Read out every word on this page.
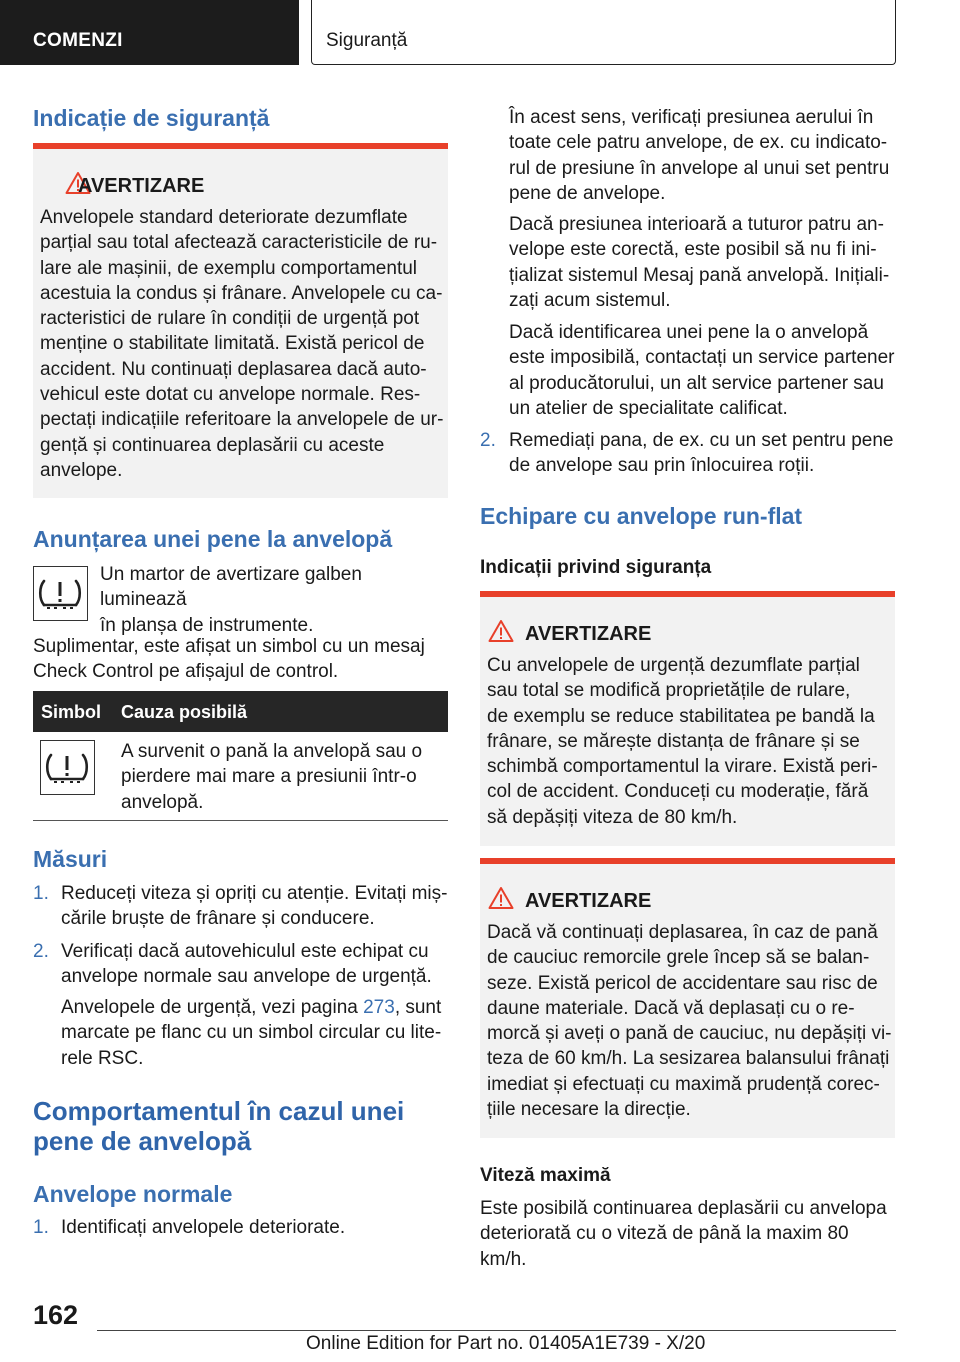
COMENZI	Siguranță
Indicație de siguranță
AVERTIZARE
Anvelopele standard deteriorate dezumflate
parțial sau total afectează caracteristicile de ru-
lare ale mașinii, de exemplu comportamentul
acestuia la condus și frânare. Anvelopele cu ca-
racteristici de rulare în condiții de urgență pot
menține o stabilitate limitată. Există pericol de
accident. Nu continuați deplasarea dacă auto-
vehicul este dotat cu anvelope normale. Res-
pectați indicațiile referitoare la anvelopele de ur-
gență și continuarea deplasării cu aceste
anvelope.
Anunțarea unei pene la anvelopă
Un martor de avertizare galben luminează
în planșa de instrumente.
Suplimentar, este afișat un simbol cu un mesaj
Check Control pe afișajul de control.
Simbol Cauza posibilă
A survenit o pană la anvelopă sau o
pierdere mai mare a presiunii într-o
anvelopă.
Măsuri
1. Reduceți viteza și opriți cu atenție. Evitați miș-
cările bruște de frânare și conducere.
2. Verificați dacă autovehiculul este echipat cu
anvelope normale sau anvelope de urgență.
Anvelopele de urgență, vezi pagina 273, sunt
marcate pe flanc cu un simbol circular cu lite-
rele RSC.
Comportamentul în cazul unei
pene de anvelopă
Anvelope normale
1. Identificați anvelopele deteriorate.
În acest sens, verificați presiunea aerului în
toate cele patru anvelope, de ex. cu indicato-
rul de presiune în anvelope al unui set pentru
pene de anvelope.
Dacă presiunea interioară a tuturor patru an-
velope este corectă, este posibil să nu fi ini-
țializat sistemul Mesaj pană anvelopă. Inițiali-
zați acum sistemul.
Dacă identificarea unei pene la o anvelopă
este imposibilă, contactați un service partener
al producătorului, un alt service partener sau
un atelier de specialitate calificat.
2. Remediați pana, de ex. cu un set pentru pene
de anvelope sau prin înlocuirea roții.
Echipare cu anvelope run-flat
Indicații privind siguranța
AVERTIZARE
Cu anvelopele de urgență dezumflate parțial
sau total se modifică proprietățile de rulare,
de exemplu se reduce stabilitatea pe bandă la
frânare, se mărește distanța de frânare și se
schimbă comportamentul la virare. Există peri-
col de accident. Conduceți cu moderație, fără
să depășiți viteza de 80 km/h.
AVERTIZARE
Dacă vă continuați deplasarea, în caz de pană
de cauciuc remorcile grele încep să se balan-
seze. Există pericol de accidentare sau risc de
daune materiale. Dacă vă deplasați cu o re-
morcă și aveți o pană de cauciuc, nu depășiți vi-
teza de 60 km/h. La sesizarea balansului frânați
imediat și efectuați cu maximă prudență corec-
țiile necesare la direcție.
Viteză maximă
Este posibilă continuarea deplasării cu anvelopa
deteriorată cu o viteză de până la maxim 80 km/h.
162
Online Edition for Part no. 01405A1E739 - X/20
